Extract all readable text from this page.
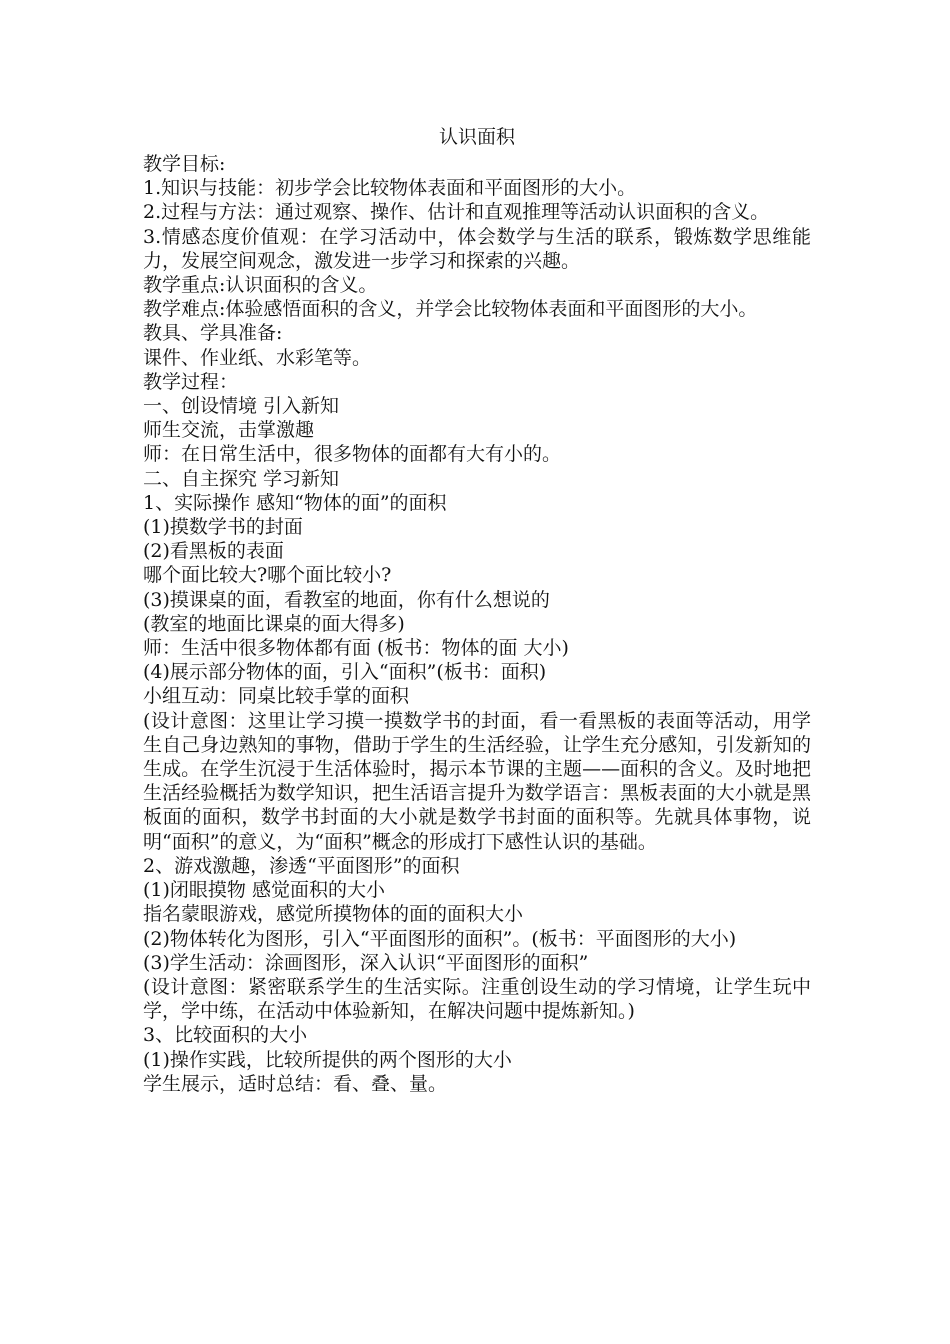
认识面积

教学目标:

1.知识与技能：初步学会比较物体表面和平面图形的大小。

2.过程与方法：通过观察、操作、估计和直观推理等活动认识面积的含义。

3.情感态度价值观：在学习活动中，体会数学与生活的联系，锻炼数学思维能力，发展空间观念，激发进一步学习和探索的兴趣。

教学重点:认识面积的含义。

教学难点:体验感悟面积的含义，并学会比较物体表面和平面图形的大小。

教具、学具准备:

课件、作业纸、水彩笔等。

教学过程：

一、创设情境 引入新知

师生交流，击掌激趣

师：在日常生活中，很多物体的面都有大有小的。

二、自主探究 学习新知

1、实际操作 感知“物体的面”的面积

(1)摸数学书的封面

(2)看黑板的表面

哪个面比较大?哪个面比较小?

(3)摸课桌的面，看教室的地面，你有什么想说的

(教室的地面比课桌的面大得多)

师：生活中很多物体都有面 (板书：物体的面 大小)

(4)展示部分物体的面，引入“面积”(板书：面积)

小组互动：同桌比较手掌的面积

(设计意图：这里让学习摸一摸数学书的封面，看一看黑板的表面等活动，用学生自己身边熟知的事物，借助于学生的生活经验，让学生充分感知，引发新知的生成。在学生沉浸于生活体验时，揭示本节课的主题——面积的含义。及时地把生活经验概括为数学知识，把生活语言提升为数学语言：黑板表面的大小就是黑板面的面积，数学书封面的大小就是数学书封面的面积等。先就具体事物，说明“面积”的意义，为“面积”概念的形成打下感性认识的基础。

2、游戏激趣，渗透“平面图形”的面积

(1)闭眼摸物 感觉面积的大小

指名蒙眼游戏，感觉所摸物体的面的面积大小

(2)物体转化为图形，引入“平面图形的面积”。(板书：平面图形的大小)

(3)学生活动：涂画图形，深入认识“平面图形的面积”

(设计意图：紧密联系学生的生活实际。注重创设生动的学习情境，让学生玩中学，学中练，在活动中体验新知，在解决问题中提炼新知。)

3、比较面积的大小

(1)操作实践，比较所提供的两个图形的大小

学生展示，适时总结：看、叠、量。
